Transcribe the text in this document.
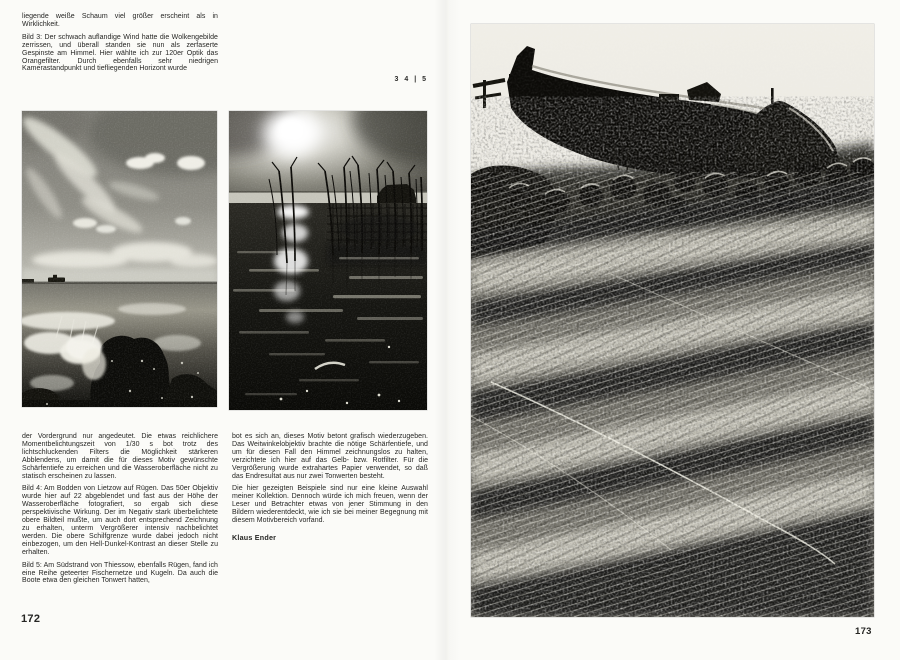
liegende weiße Schaum viel größer erscheint als in Wirklichkeit.

Bild 3: Der schwach auflandige Wind hatte die Wolkengebilde zerrissen, und überall standen sie nun als zerfaserte Gespinste am Himmel. Hier wählte ich zur 120er Optik das Orangefilter. Durch ebenfalls sehr niedrigen Kamerastandpunkt und tiefliegenden Horizont wurde

3 4 | 5

der Vordergrund nur angedeutet. Die etwas reichlichere Momentbelichtungszeit von 1/30 s bot trotz des lichtschluckenden Filters die Möglichkeit stärkeren Abblendens, um damit die für dieses Motiv gewünschte Schärfentiefe zu erreichen und die Wasseroberfläche nicht zu statisch erscheinen zu lassen.

Bild 4: Am Bodden von Lietzow auf Rügen. Das 50er Objektiv wurde hier auf 22 abgeblendet und fast aus der Höhe der Wasseroberfläche fotografiert, so ergab sich diese perspektivische Wirkung. Der im Negativ stark überbelichtete obere Bildteil mußte, um auch dort entsprechend Zeichnung zu erhalten, unterm Vergrößerer intensiv nachbelichtet werden. Die obere Schilfgrenze wurde dabei jedoch nicht einbezogen, um den Hell-Dunkel-Kontrast an dieser Stelle zu erhalten.

Bild 5: Am Südstrand von Thiessow, ebenfalls Rügen, fand ich eine Reihe geteerter Fischernetze und Kugeln. Da auch die Boote etwa den gleichen Tonwert hatten,

bot es sich an, dieses Motiv betont grafisch wiederzugeben. Das Weitwinkelobjektiv brachte die nötige Schärfentiefe, und um für diesen Fall den Himmel zeichnungslos zu halten, verzichtete ich hier auf das Gelb- bzw. Rotfilter. Für die Vergrößerung wurde extrahartes Papier verwendet, so daß das Endresultat aus nur zwei Tonwerten besteht.

Die hier gezeigten Beispiele sind nur eine kleine Auswahl meiner Kollektion. Dennoch würde ich mich freuen, wenn der Leser und Betrachter etwas von jener Stimmung in den Bildern wiederentdeckt, wie ich sie bei meiner Begegnung mit diesem Motivbereich vorfand.

Klaus Ender
172
173
